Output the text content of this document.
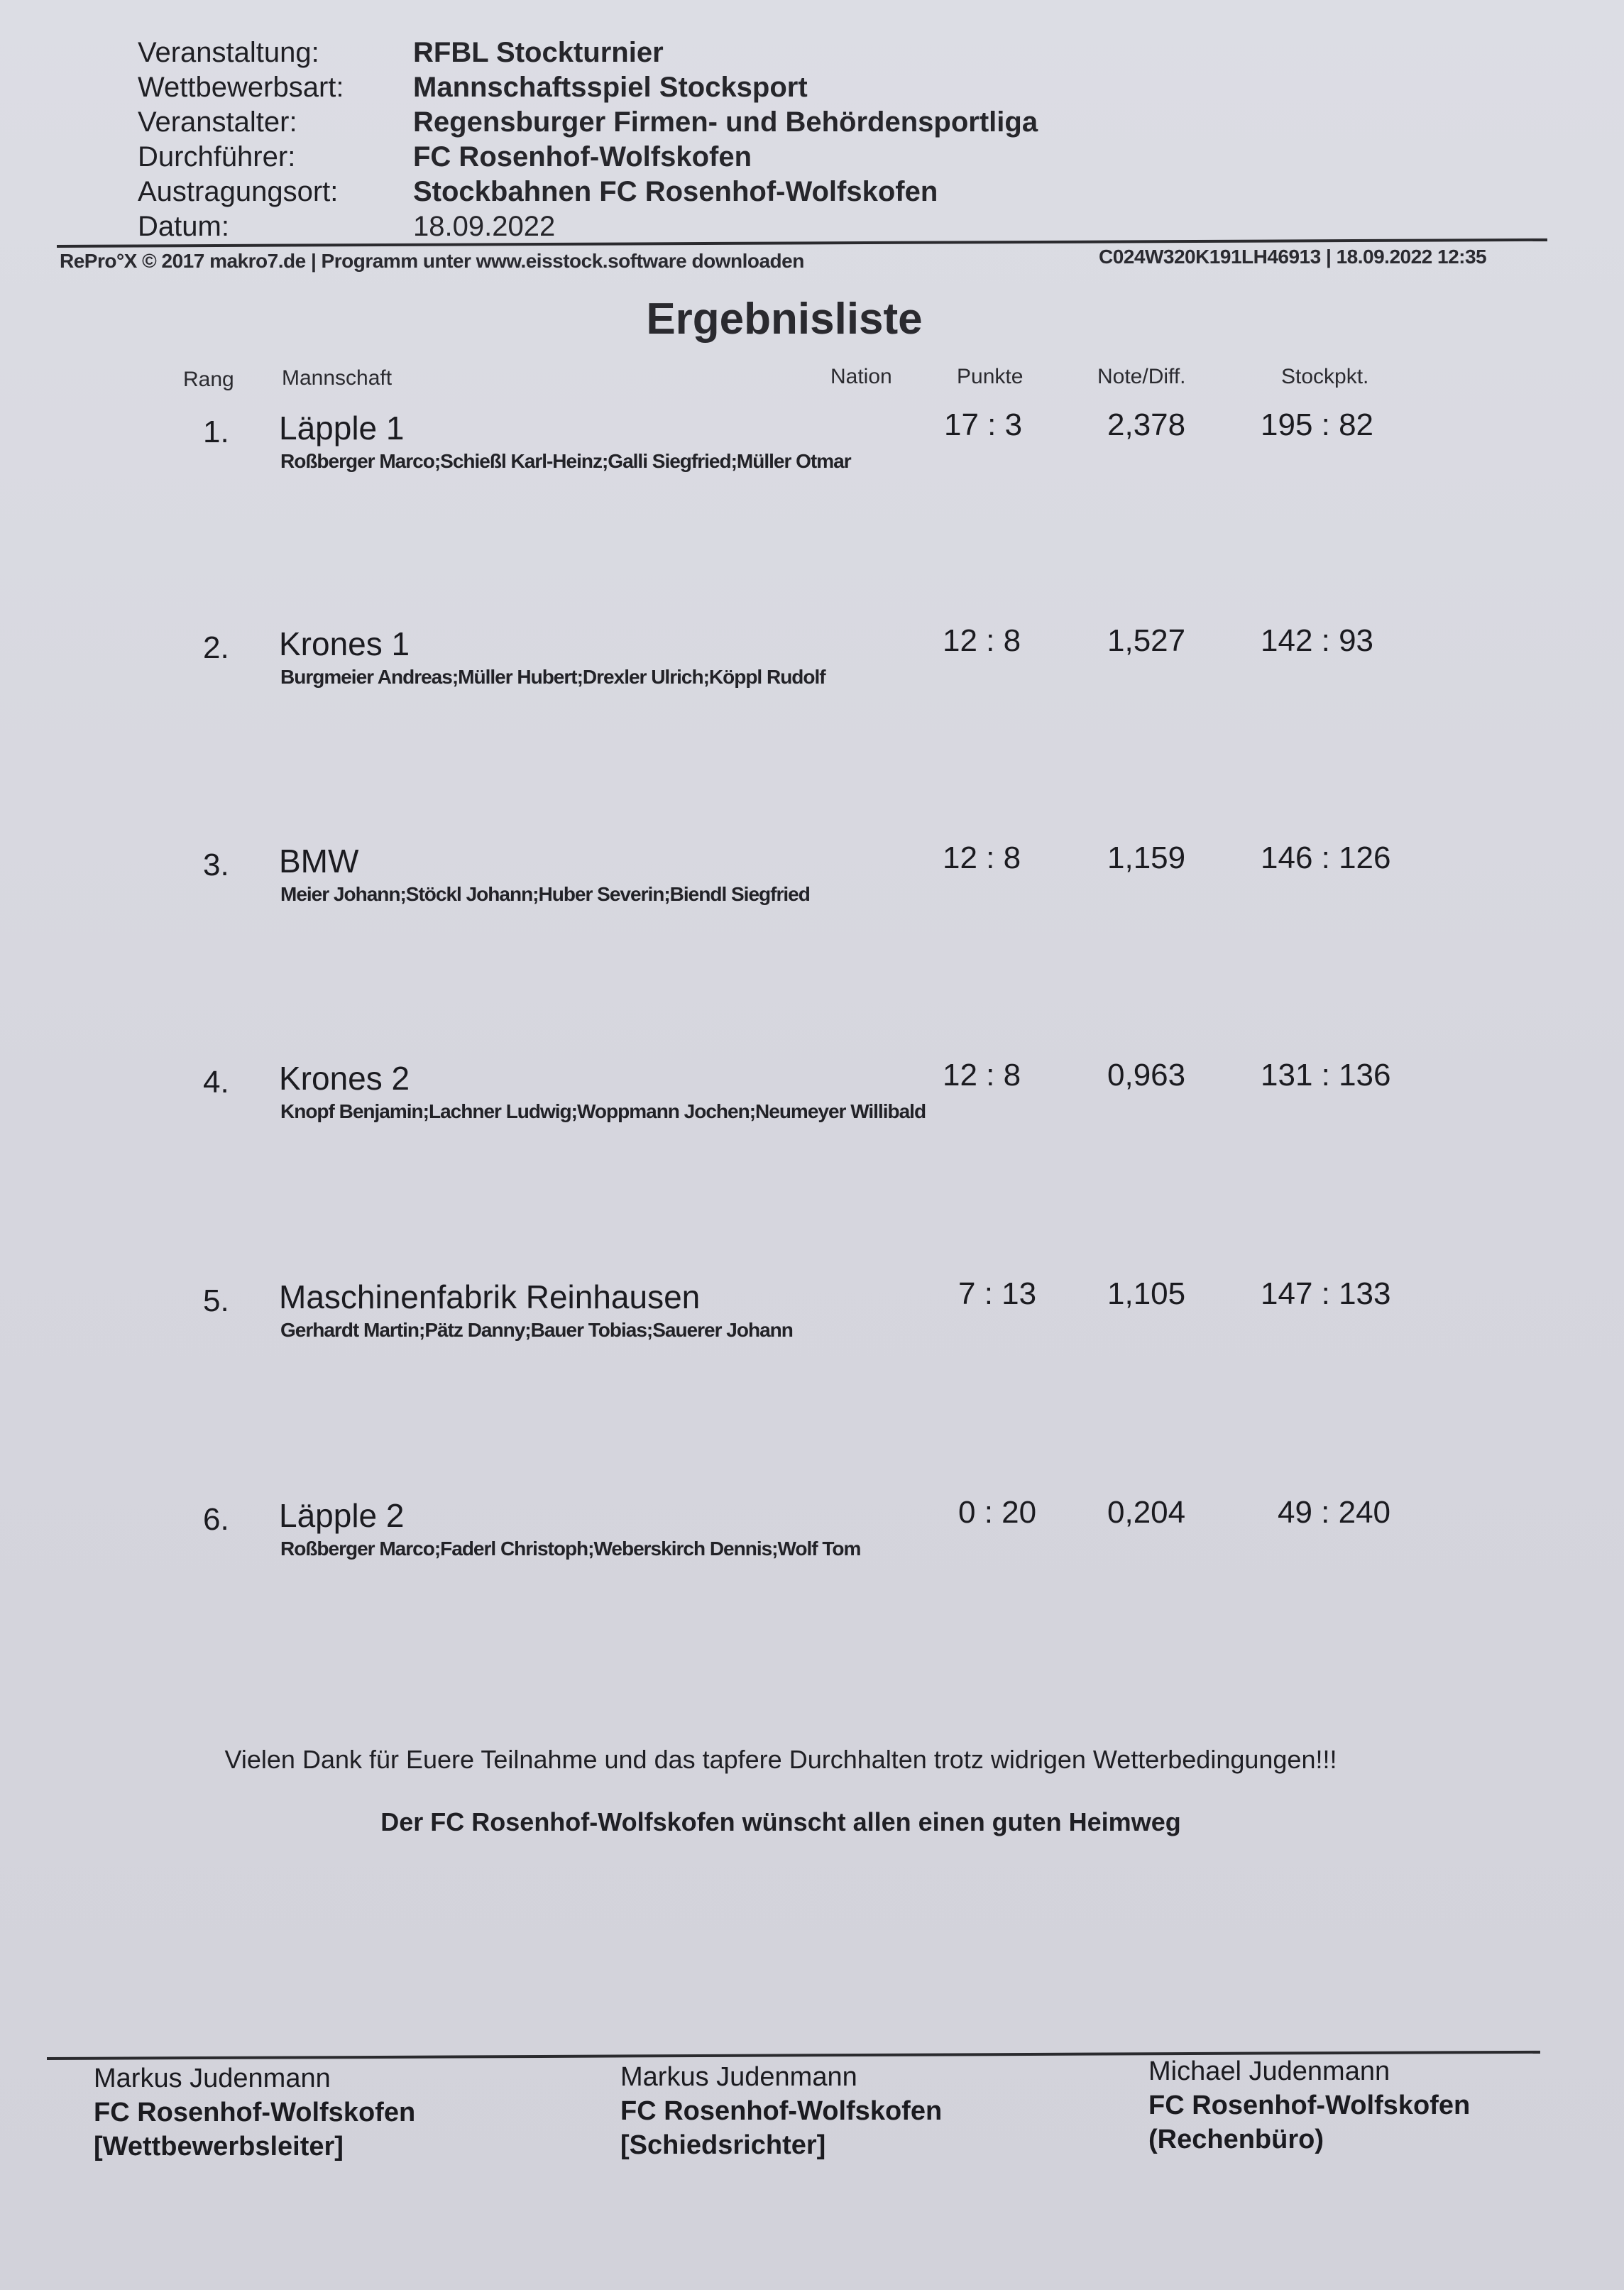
Veranstaltung:	RFBL Stockturnier
Wettbewerbsart:	Mannschaftsspiel Stocksport
Veranstalter:	Regensburger Firmen- und Behördensportliga
Durchführer:	FC Rosenhof-Wolfskofen
Austragungsort:	Stockbahnen FC Rosenhof-Wolfskofen
Datum:	18.09.2022
RePro°X © 2017 makro7.de | Programm unter www.eisstock.software downloaden	C024W320K191LH46913 | 18.09.2022 12:35
Ergebnisliste
Rang Mannschaft	Nation	Punkte	Note/Diff.	Stockpkt.
1. Läpple 1
Roßberger Marco;Schießl Karl-Heinz;Galli Siegfried;Müller Otmar
17 : 3	2,378 195 : 82
2. Krones 1
Burgmeier Andreas;Müller Hubert;Drexler Ulrich;Köppl Rudolf
12 : 8	1,527 142 : 93
3. BMW
Meier Johann;Stöckl Johann;Huber Severin;Biendl Siegfried
12 : 8	1,159 146 : 126
4. Krones 2
Knopf Benjamin;Lachner Ludwig;Woppmann Jochen;Neumeyer Willibald
12 : 8	0,963 131 : 136
5. Maschinenfabrik Reinhausen
Gerhardt Martin;Pätz Danny;Bauer Tobias;Sauerer Johann
7 : 13 1,105 147 : 133
6. Läpple 2
Roßberger Marco;Faderl Christoph;Weberskirch Dennis;Wolf Tom
0 : 20 0,204	49 : 240
Vielen Dank für Euere Teilnahme und das tapfere Durchhalten trotz widrigen Wetterbedingungen!!!
Der FC Rosenhof-Wolfskofen wünscht allen einen guten Heimweg
Markus Judenmann
FC Rosenhof-Wolfskofen
[Wettbewerbsleiter]
Markus Judenmann
FC Rosenhof-Wolfskofen
[Schiedsrichter]
Michael Judenmann
FC Rosenhof-Wolfskofen
(Rechenbüro)
